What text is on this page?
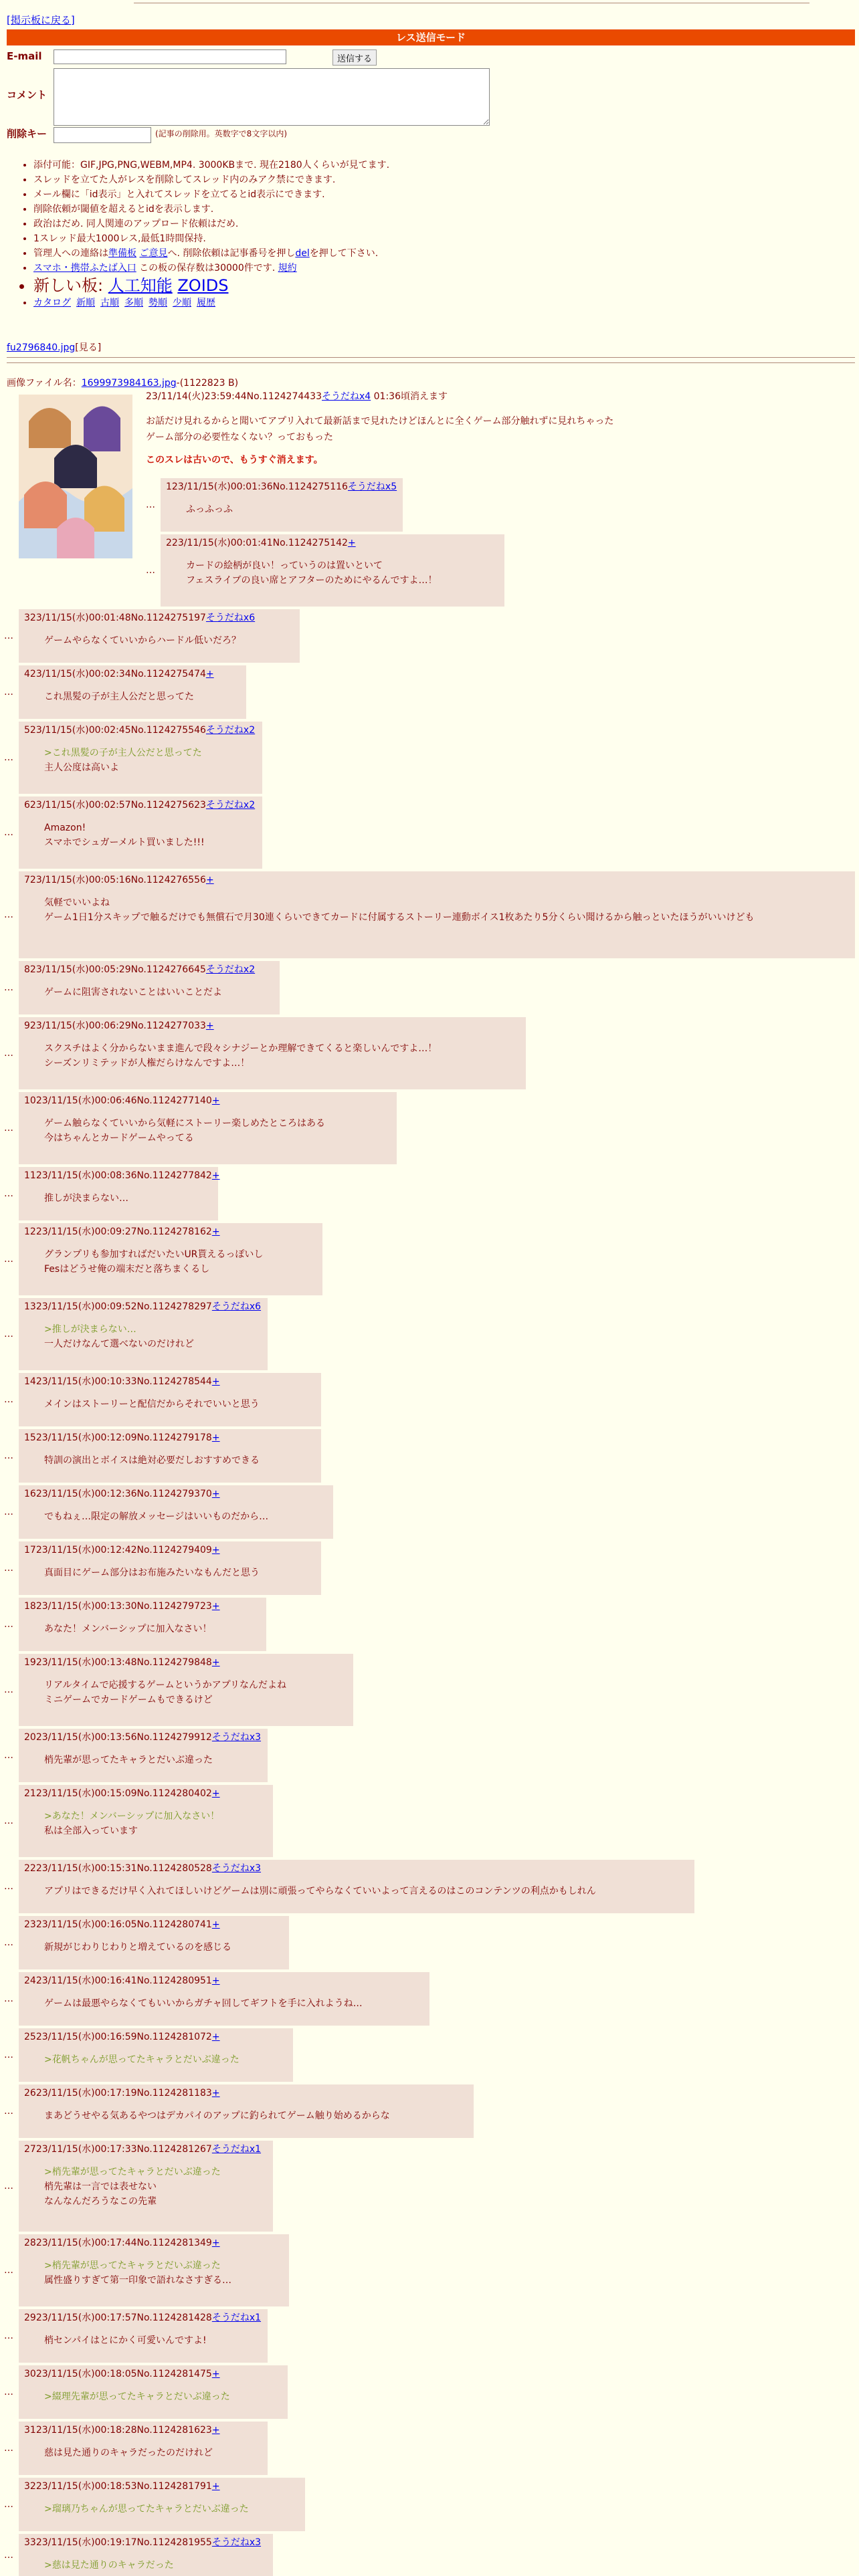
[掲示板に戻る]
レス送信モード
E-mail	送信する
コメント
削除キー	(記事の削除用。英数字で8文字以内)
• 添付可能：GIF,JPG,PNG,WEBM,MP4. 3000KBまで. 現在2180人くらいが見てます.
• スレッドを立てた人がレスを削除してスレッド内のみアク禁にできます.
• メール欄に「id表示」と入れてスレッドを立てるとid表示にできます.
• 削除依頼が閾値を超えるとidを表示します.
• 政治はだめ. 同人関連のアップロード依頼はだめ.
• 1スレッド最大1000レス,最低1時間保持.
• 管理人への連絡は準備板 ご意見へ. 削除依頼は記事番号を押しdelを押して下さい.
• スマホ・携帯ふたば入口 この板の保存数は30000件です. 規約
• 新しい板: 人工知能 ZOIDS
• カタログ 新順 古順 多順 勢順 少順 履歴
fu2796840.jpg[見る]
画像ファイル名：1699973984163.jpg-(1122823 B)
23/11/14(火)23:59:44No.1124274433そうだねx4 01:36頃消えます
お話だけ見れるからと聞いてアプリ入れて最新話まで見れたけどほんとに全くゲーム部分触れずに見れちゃった
ゲーム部分の必要性なくない？っておもった
このスレは古いので、もうすぐ消えます。
…
123/11/15(水)00:01:36No.1124275116そうだねx5
ふっふっふ
…
223/11/15(水)00:01:41No.1124275142+
カードの絵柄が良い！っていうのは置いといて
フェスライブの良い席とアフターのためにやるんですよ…！
…
323/11/15(水)00:01:48No.1124275197そうだねx6
ゲームやらなくていいからハードル低いだろ？
…
423/11/15(水)00:02:34No.1124275474+
これ黒髪の子が主人公だと思ってた
…
523/11/15(水)00:02:45No.1124275546そうだねx2
>これ黒髪の子が主人公だと思ってた
主人公度は高いよ
…
623/11/15(水)00:02:57No.1124275623そうだねx2
Amazon!
スマホでシュガーメルト買いました!!!
…
723/11/15(水)00:05:16No.1124276556+
気軽でいいよね
ゲーム1日1分スキップで触るだけでも無償石で月30連くらいできてカードに付属するストーリー連動ボイス1枚あたり5分くらい聞けるから触っといたほうがいいけども
…
823/11/15(水)00:05:29No.1124276645そうだねx2
ゲームに阻害されないことはいいことだよ
…
923/11/15(水)00:06:29No.1124277033+
スクスチはよく分からないまま進んで段々シナジーとか理解できてくると楽しいんですよ…！
シーズンリミテッドが人権だらけなんですよ…！
…
1023/11/15(水)00:06:46No.1124277140+
ゲーム触らなくていいから気軽にストーリー楽しめたところはある
今はちゃんとカードゲームやってる
…
1123/11/15(水)00:08:36No.1124277842+
推しが決まらない…
…
1223/11/15(水)00:09:27No.1124278162+
グランプリも参加すればだいたいUR貰えるっぽいし
Fesはどうせ俺の端末だと落ちまくるし
…
1323/11/15(水)00:09:52No.1124278297そうだねx6
>推しが決まらない…
一人だけなんて選べないのだけれど
…
1423/11/15(水)00:10:33No.1124278544+
メインはストーリーと配信だからそれでいいと思う
…
1523/11/15(水)00:12:09No.1124279178+
特訓の演出とボイスは絶対必要だしおすすめできる
…
1623/11/15(水)00:12:36No.1124279370+
でもねぇ…限定の解放メッセージはいいものだから…
…
1723/11/15(水)00:12:42No.1124279409+
真面目にゲーム部分はお布施みたいなもんだと思う
…
1823/11/15(水)00:13:30No.1124279723+
あなた！メンバーシップに加入なさい！
…
1923/11/15(水)00:13:48No.1124279848+
リアルタイムで応援するゲームというかアプリなんだよね
ミニゲームでカードゲームもできるけど
…
2023/11/15(水)00:13:56No.1124279912そうだねx3
梢先輩が思ってたキャラとだいぶ違った
…
2123/11/15(水)00:15:09No.1124280402+
>あなた！メンバーシップに加入なさい！
私は全部入っています
…
2223/11/15(水)00:15:31No.1124280528そうだねx3
アプリはできるだけ早く入れてほしいけどゲームは別に頑張ってやらなくていいよって言えるのはこのコンテンツの利点かもしれん
…
2323/11/15(水)00:16:05No.1124280741+
新規がじわりじわりと増えているのを感じる
…
2423/11/15(水)00:16:41No.1124280951+
ゲームは最悪やらなくてもいいからガチャ回してギフトを手に入れようね…
…
2523/11/15(水)00:16:59No.1124281072+
>花帆ちゃんが思ってたキャラとだいぶ違った
…
2623/11/15(水)00:17:19No.1124281183+
まあどうせやる気あるやつはデカパイのアップに釣られてゲーム触り始めるからな
…
2723/11/15(水)00:17:33No.1124281267そうだねx1
>梢先輩が思ってたキャラとだいぶ違った
梢先輩は一言では表せない
なんなんだろうなこの先輩
…
2823/11/15(水)00:17:44No.1124281349+
>梢先輩が思ってたキャラとだいぶ違った
属性盛りすぎて第一印象で語れなさすぎる…
…
2923/11/15(水)00:17:57No.1124281428そうだねx1
梢センパイはとにかく可愛いんですよ!
…
3023/11/15(水)00:18:05No.1124281475+
>綴理先輩が思ってたキャラとだいぶ違った
…
3123/11/15(水)00:18:28No.1124281623+
慈は見た通りのキャラだったのだけれど
…
3223/11/15(水)00:18:53No.1124281791+
>瑠璃乃ちゃんが思ってたキャラとだいぶ違った
…
3323/11/15(水)00:19:17No.1124281955そうだねx3
>慈は見た通りのキャラだった
